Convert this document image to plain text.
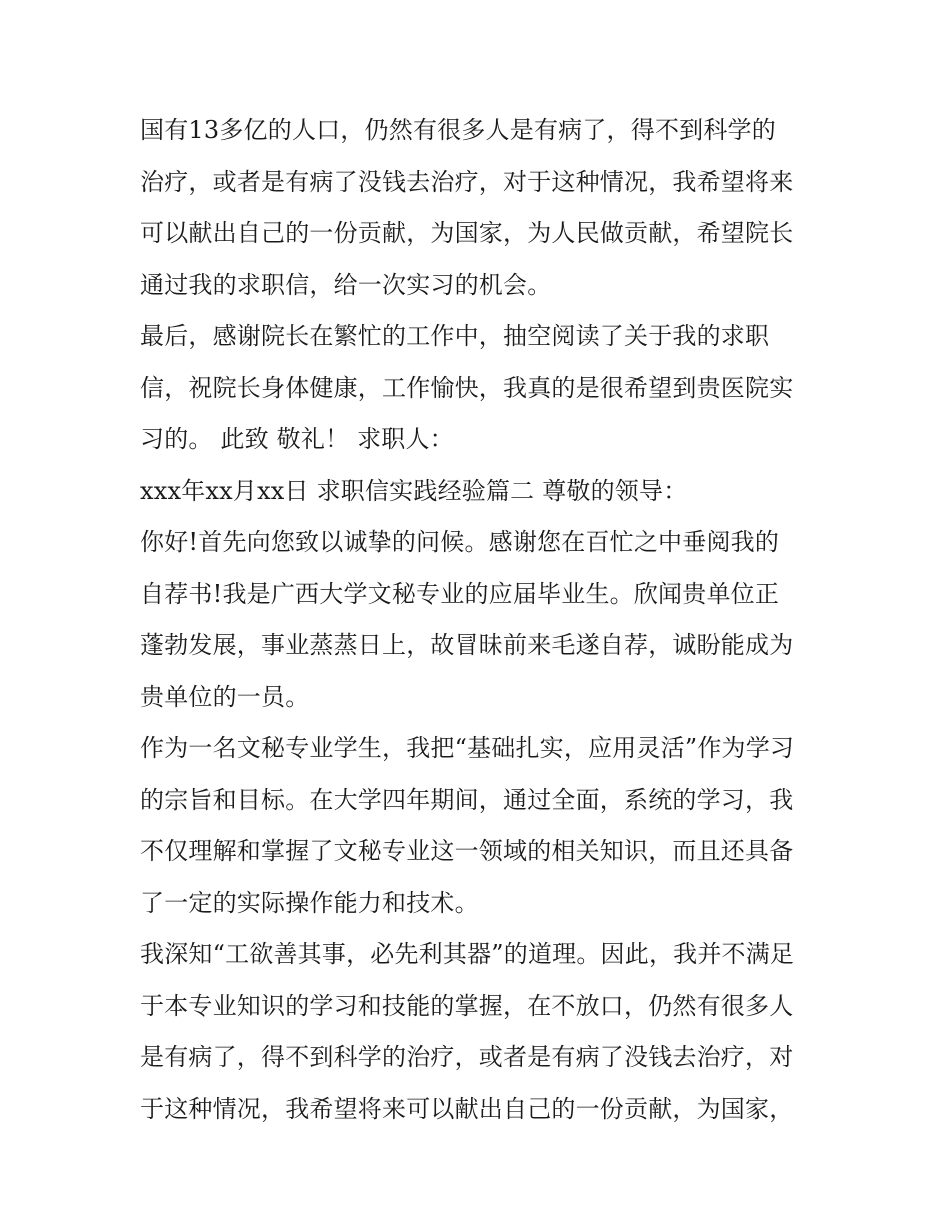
国有13多亿的人口，仍然有很多人是有病了，得不到科学的
治疗，或者是有病了没钱去治疗，对于这种情况，我希望将来
可以献出自己的一份贡献，为国家，为人民做贡献，希望院长
通过我的求职信，给一次实习的机会。
最后，感谢院长在繁忙的工作中，抽空阅读了关于我的求职
信，祝院长身体健康，工作愉快，我真的是很希望到贵医院实
习的。 此致 敬礼！ 求职人：
xxx年xx月xx日 求职信实践经验篇二 尊敬的领导：
你好!首先向您致以诚挚的问候。感谢您在百忙之中垂阅我的
自荐书!我是广西大学文秘专业的应届毕业生。欣闻贵单位正
蓬勃发展，事业蒸蒸日上，故冒昧前来毛遂自荐，诚盼能成为
贵单位的一员。
作为一名文秘专业学生，我把“基础扎实，应用灵活”作为学习
的宗旨和目标。在大学四年期间，通过全面，系统的学习，我
不仅理解和掌握了文秘专业这一领域的相关知识，而且还具备
了一定的实际操作能力和技术。
我深知“工欲善其事，必先利其器”的道理。因此，我并不满足
于本专业知识的学习和技能的掌握，在不放口，仍然有很多人
是有病了，得不到科学的治疗，或者是有病了没钱去治疗，对
于这种情况，我希望将来可以献出自己的一份贡献，为国家，
